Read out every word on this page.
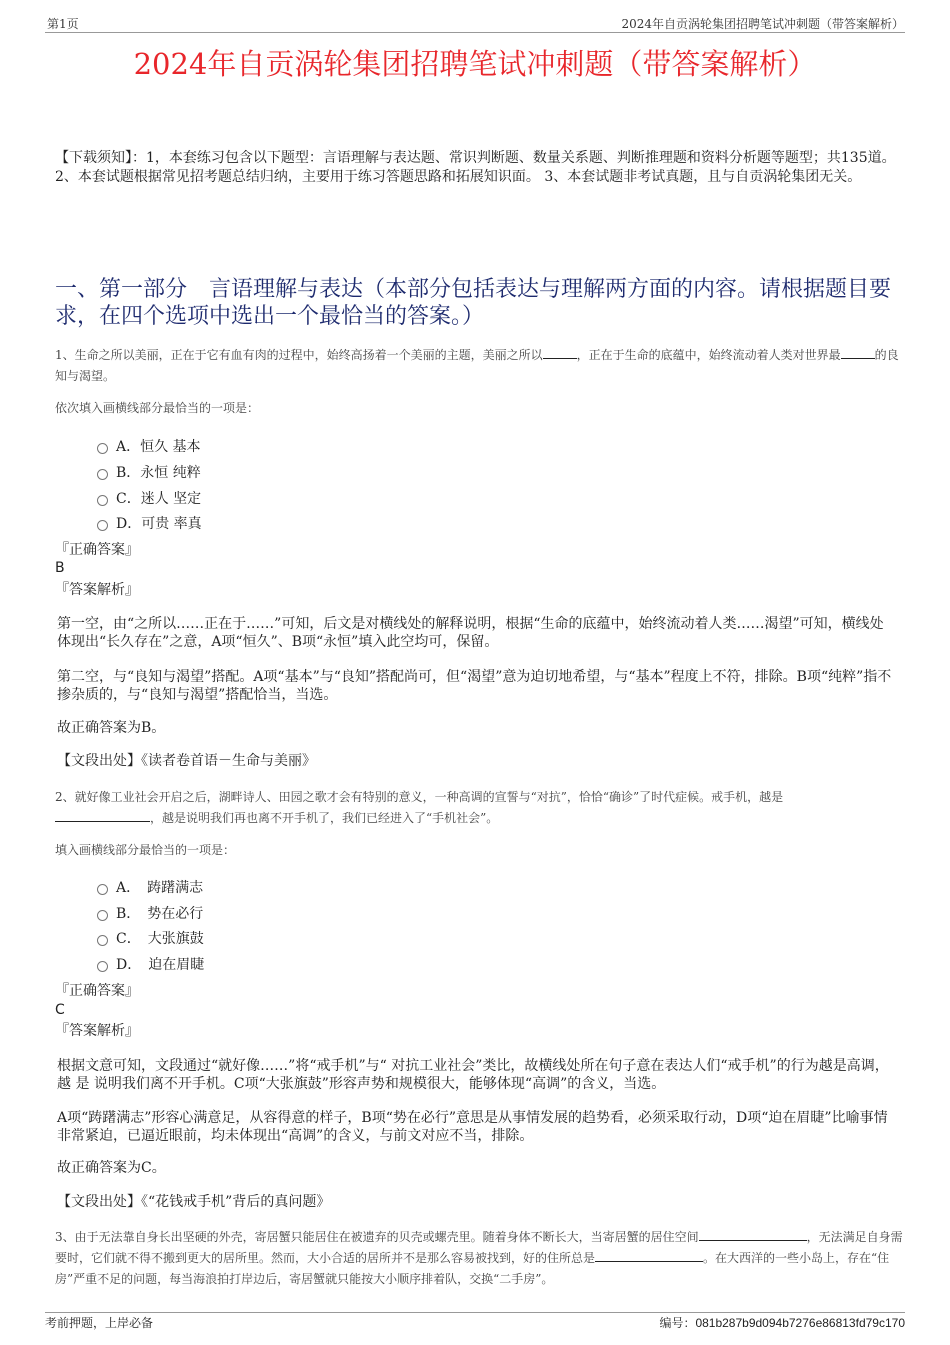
第1页	2024年自贡涡轮集团招聘笔试冲刺题（带答案解析）
2024年自贡涡轮集团招聘笔试冲刺题（带答案解析）
【下载须知】：1，本套练习包含以下题型：言语理解与表达题、常识判断题、数量关系题、判断推理题和资料分析题等题型；共135道。2、本套试题根据常见招考题总结归纳，主要用于练习答题思路和拓展知识面。 3、本套试题非考试真题，且与自贡涡轮集团无关。
一、第一部分　言语理解与表达（本部分包括表达与理解两方面的内容。请根据题目要求，在四个选项中选出一个最恰当的答案。）
1、生命之所以美丽，正在于它有血有肉的过程中，始终高扬着一个美丽的主题，美丽之所以	，正在于生命的底蕴中，始终流动着人类对世界最	的良知与渴望。
依次填入画横线部分最恰当的一项是：
A．恒久 基本
B．永恒 纯粹
C．迷人 坚定
D．可贵 率真
『正确答案』
B
『答案解析』
第一空，由“之所以……正在于……”可知，后文是对横线处的解释说明，根据“生命的底蕴中，始终流动着人类……渴望”可知，横线处体现出“长久存在”之意，A项“恒久”、B项“永恒”填入此空均可，保留。
第二空，与“良知与渴望”搭配。A项“基本”与“良知”搭配尚可，但“渴望”意为迫切地希望，与“基本”程度上不符，排除。B项“纯粹”指不掺杂质的，与“良知与渴望”搭配恰当，当选。
故正确答案为B。
【文段出处】《读者卷首语－生命与美丽》
2、就好像工业社会开启之后，湖畔诗人、田园之歌才会有特别的意义，一种高调的宣誓与“对抗”，恰恰“确诊”了时代症候。戒手机，越是
，越是说明我们再也离不开手机了，我们已经进入了“手机社会”。
填入画横线部分最恰当的一项是：
A．　踌躇满志
B．　势在必行
C．　大张旗鼓
D．　迫在眉睫
『正确答案』
C
『答案解析』
根据文意可知，文段通过“就好像……”将“戒手机”与“ 对抗工业社会”类比，故横线处所在句子意在表达人们“戒手机”的行为越是高调，越 是 说明我们离不开手机。C项“大张旗鼓”形容声势和规模很大，能够体现“高调”的含义，当选。
A项“踌躇满志”形容心满意足，从容得意的样子，B项“势在必行”意思是从事情发展的趋势看，必须采取行动，D项“迫在眉睫”比喻事情非常紧迫，已逼近眼前，均未体现出“高调”的含义，与前文对应不当，排除。
故正确答案为C。
【文段出处】《“花钱戒手机”背后的真问题》
3、由于无法靠自身长出坚硬的外壳，寄居蟹只能居住在被遗弃的贝壳或螺壳里。随着身体不断长大，当寄居蟹的居住空间	，无法满足自身需要时，它们就不得不搬到更大的居所里。然而，大小合适的居所并不是那么容易被找到，好的住所总是	。在大西洋的一些小岛上，存在“住房”严重不足的问题，每当海浪拍打岸边后，寄居蟹就只能按大小顺序排着队，交换“二手房”。
考前押题，上岸必备	编号：081b287b9d094b7276e86813fd79c170
